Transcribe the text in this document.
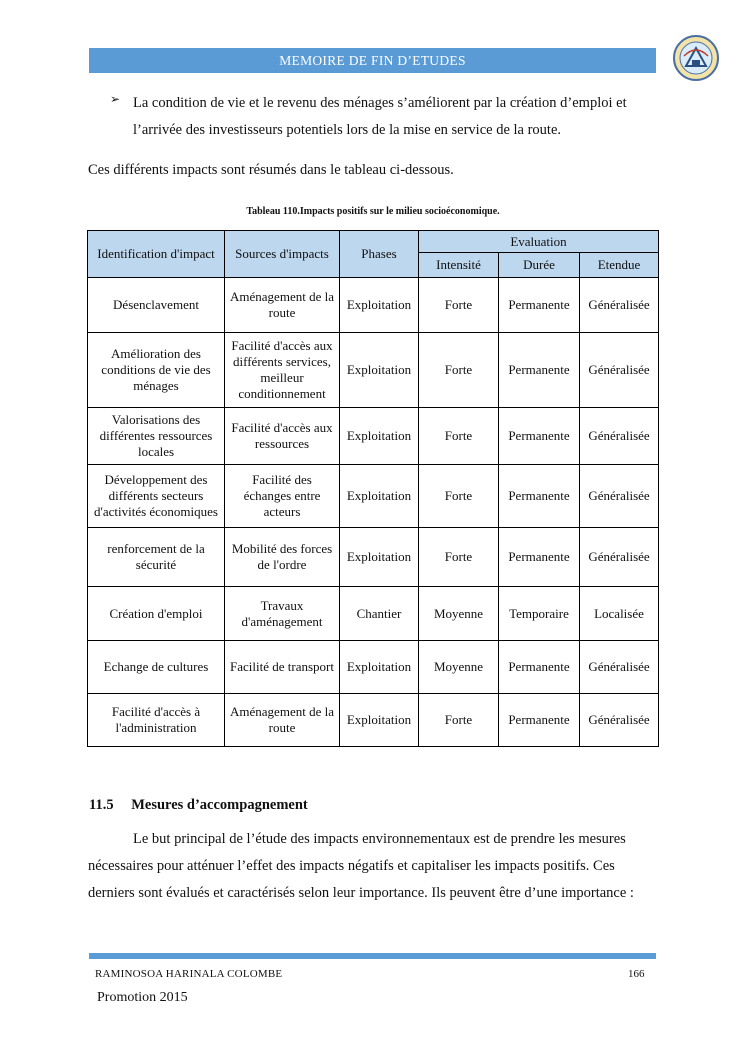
MEMOIRE DE FIN D’ETUDES
➢ La condition de vie et le revenu des ménages s’améliorent par la création d’emploi et
l’arrivée des investisseurs potentiels lors de la mise en service de la route.
Ces différents impacts sont résumés dans le tableau ci-dessous.
Tableau 110.Impacts positifs sur le milieu socioéconomique.
Identification d'impact	Sources d'impacts	Phases	Evaluation		
			Intensité	Durée	Etendue
Désenclavement	Aménagement de la route	Exploitation	Forte	Permanente	Généralisée
Amélioration des conditions de vie des ménages	Facilité d'accès aux différents services, meilleur conditionnement	Exploitation	Forte	Permanente	Généralisée
Valorisations des différentes ressources locales	Facilité d'accès aux ressources	Exploitation	Forte	Permanente	Généralisée
Développement des différents secteurs d'activités économiques	Facilité des échanges entre acteurs	Exploitation	Forte	Permanente	Généralisée
renforcement de la sécurité	Mobilité des forces de l'ordre	Exploitation	Forte	Permanente	Généralisée
Création d'emploi	Travaux d'aménagement	Chantier	Moyenne	Temporaire	Localisée
Echange de cultures	Facilité de transport	Exploitation	Moyenne	Permanente	Généralisée
Facilité d'accès à l'administration	Aménagement de la route	Exploitation	Forte	Permanente	Généralisée
11.5 Mesures d’accompagnement
Le but principal de l’étude des impacts environnementaux est de prendre les mesures
nécessaires pour atténuer l’effet des impacts négatifs et capitaliser les impacts positifs. Ces
derniers sont évalués et caractérisés selon leur importance. Ils peuvent être d’une importance :
RAMINOSOA HARINALA COLOMBE	166
Promotion 2015
